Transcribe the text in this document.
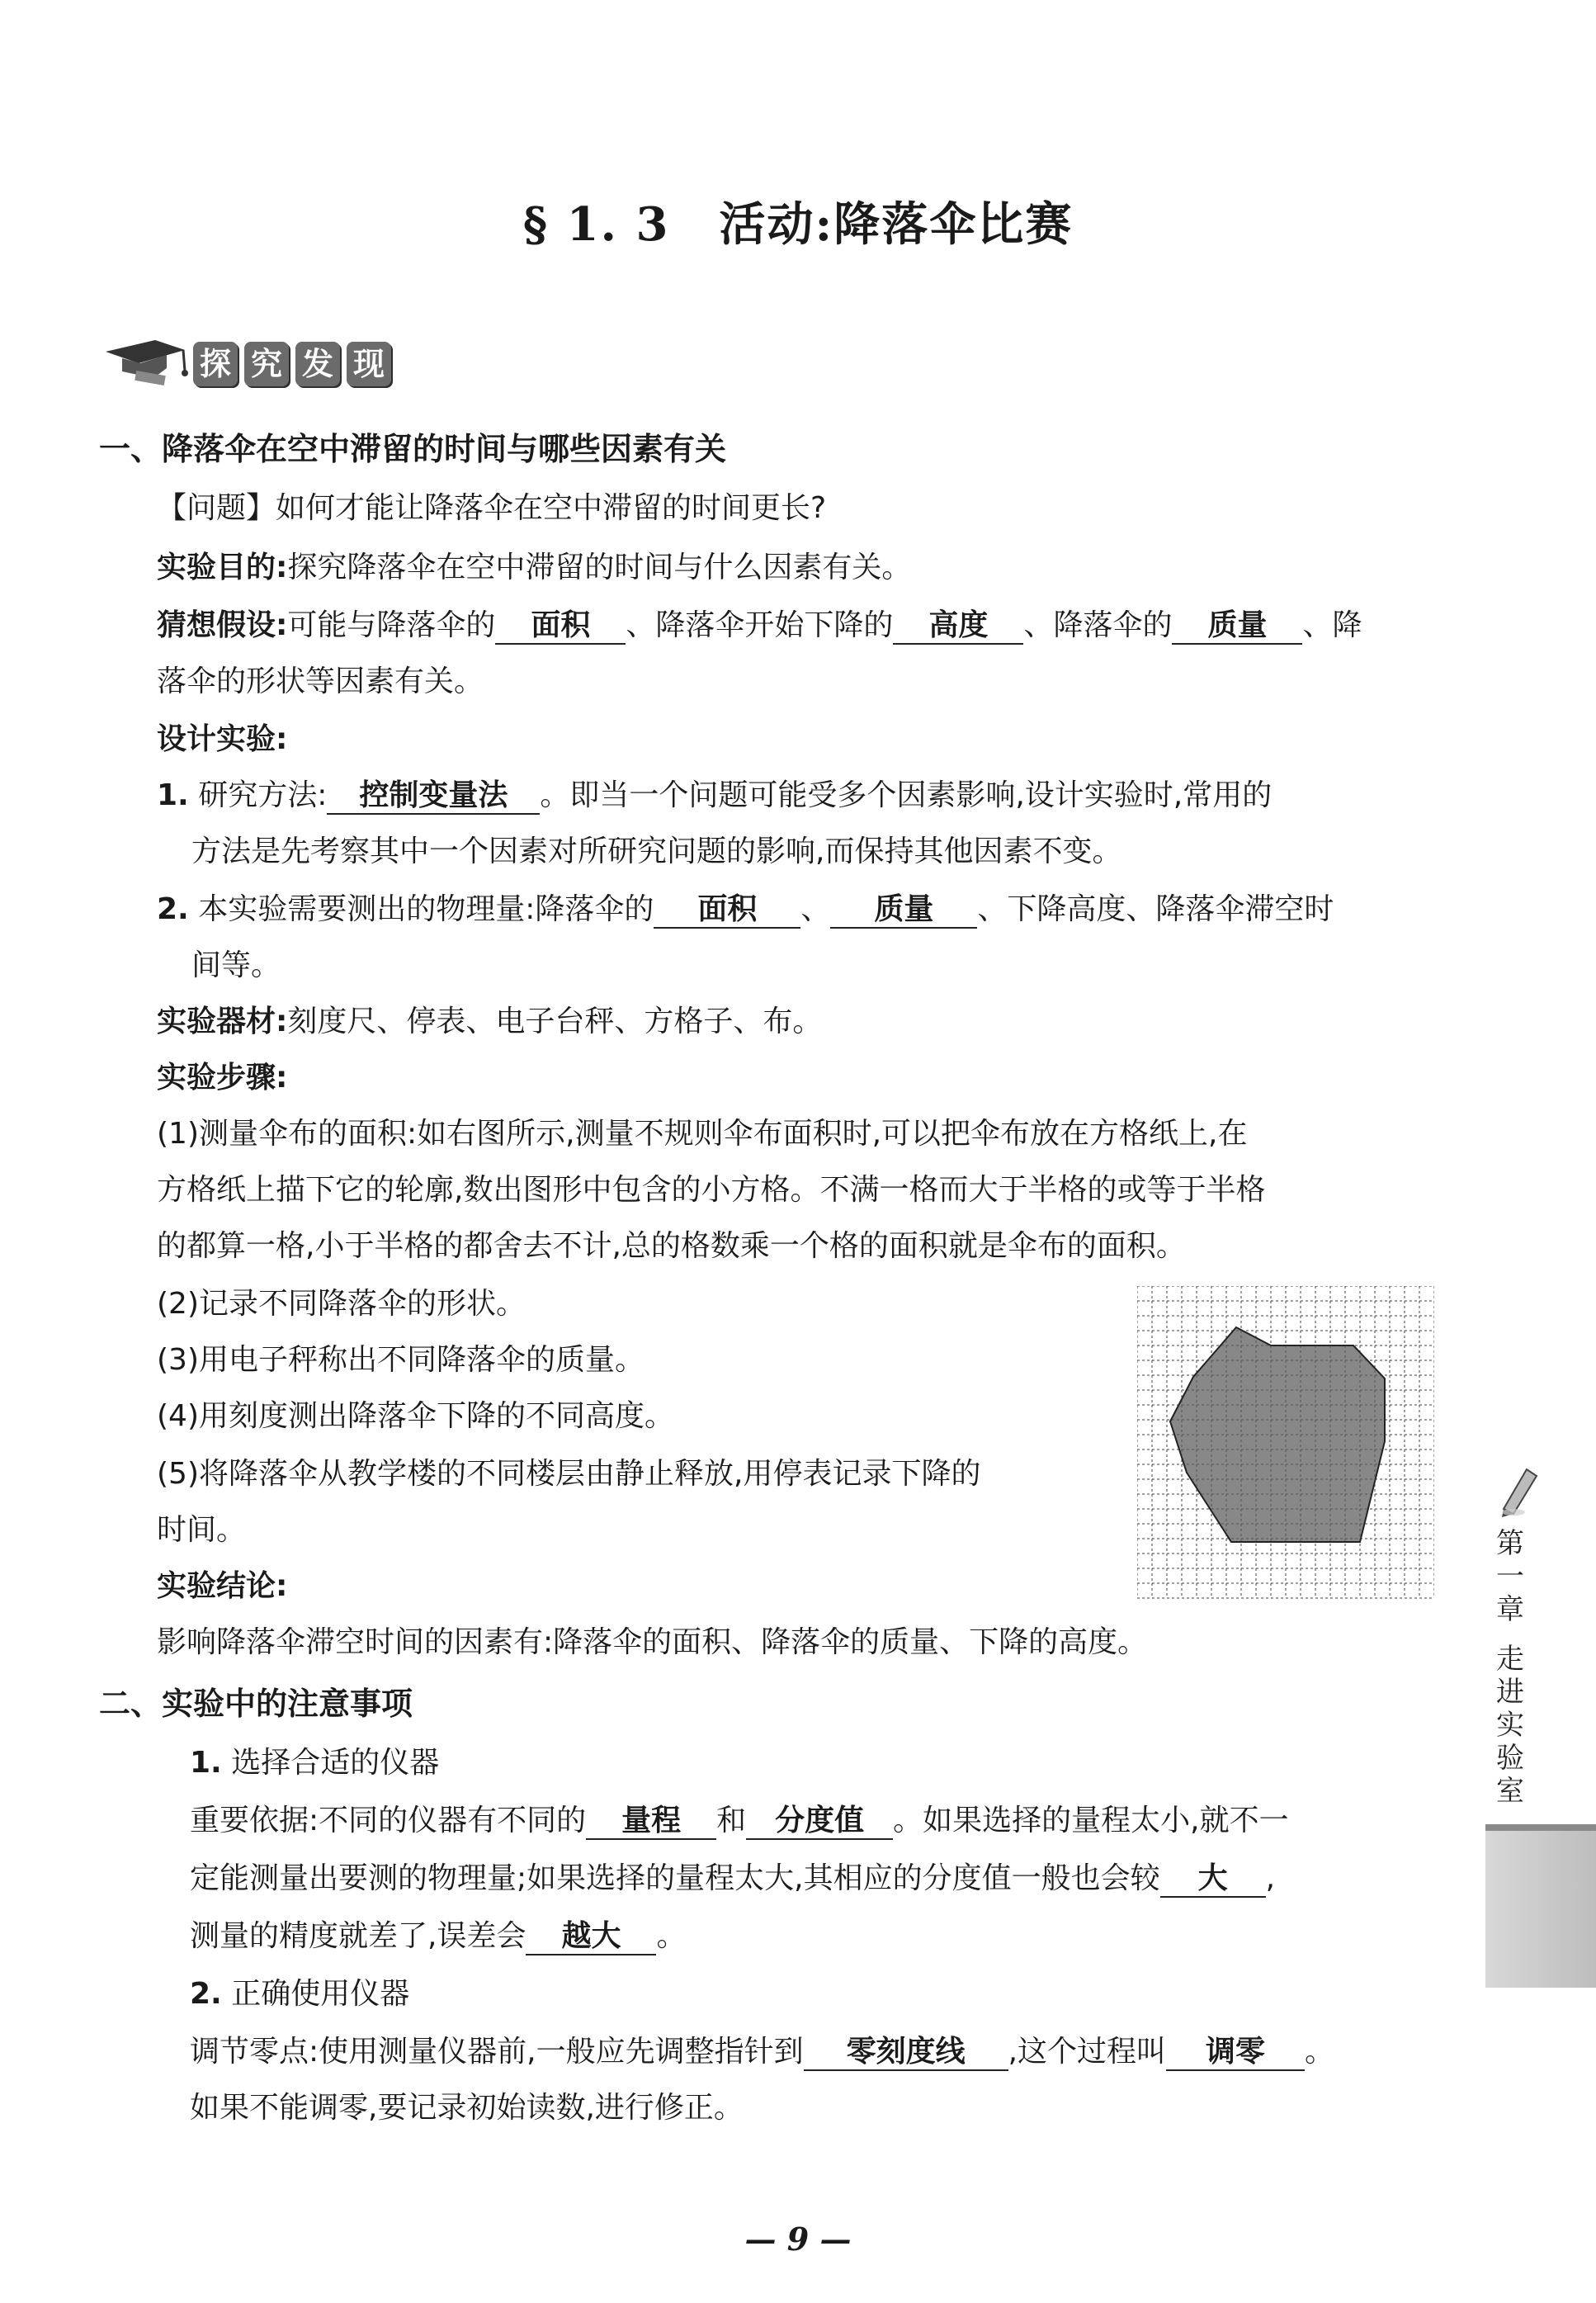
§ 1. 3 活动:降落伞比赛
探 究 发 现
一、降落伞在空中滞留的时间与哪些因素有关
【问题】如何才能让降落伞在空中滞留的时间更长?
实验目的:探究降落伞在空中滞留的时间与什么因素有关。
猜想假设:可能与降落伞的 面积 、降落伞开始下降的 高度 、降落伞的 质量 、降
落伞的形状等因素有关。
设计实验:
1. 研究方法: 控制变量法 。即当一个问题可能受多个因素影响,设计实验时,常用的
方法是先考察其中一个因素对所研究问题的影响,而保持其他因素不变。
2. 本实验需要测出的物理量:降落伞的 面积 、 质量 、下降高度、降落伞滞空时
间等。
实验器材:刻度尺、停表、电子台秤、方格子、布。
实验步骤:
(1)测量伞布的面积:如右图所示,测量不规则伞布面积时,可以把伞布放在方格纸上,在
方格纸上描下它的轮廓,数出图形中包含的小方格。不满一格而大于半格的或等于半格
的都算一格,小于半格的都舍去不计,总的格数乘一个格的面积就是伞布的面积。
(2)记录不同降落伞的形状。
(3)用电子秤称出不同降落伞的质量。
(4)用刻度测出降落伞下降的不同高度。
(5)将降落伞从教学楼的不同楼层由静止释放,用停表记录下降的
时间。
实验结论:
影响降落伞滞空时间的因素有:降落伞的面积、降落伞的质量、下降的高度。
二、实验中的注意事项
1. 选择合适的仪器
重要依据:不同的仪器有不同的 量程 和 分度值 。如果选择的量程太小,就不一
定能测量出要测的物理量;如果选择的量程太大,其相应的分度值一般也会较 大 ,
测量的精度就差了,误差会 越大 。
2. 正确使用仪器
调节零点:使用测量仪器前,一般应先调整指针到 零刻度线 ,这个过程叫 调零 。
如果不能调零,要记录初始读数,进行修正。
第
一
章
走
进
实
验
室
— 9 —
